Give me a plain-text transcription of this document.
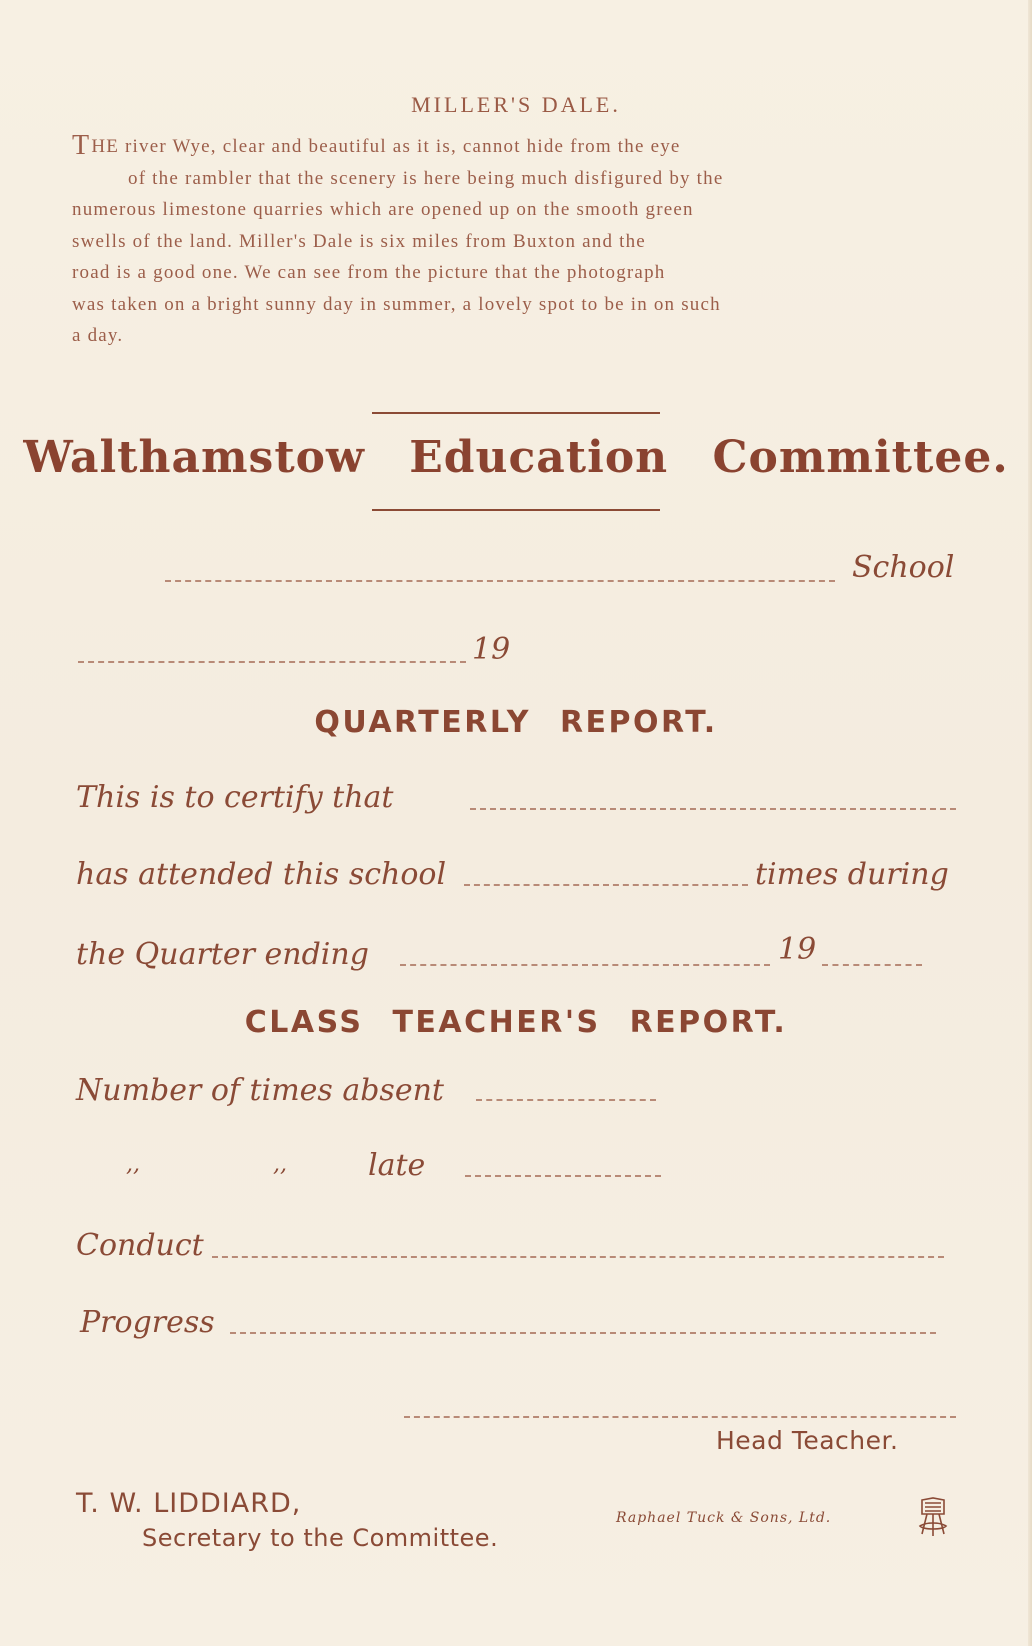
MILLER'S DALE.
THE river Wye, clear and beautiful as it is, cannot hide from the eye
of the rambler that the scenery is here being much disfigured by the
numerous limestone quarries which are opened up on the smooth green
swells of the land. Miller's Dale is six miles from Buxton and the
road is a good one. We can see from the picture that the photograph
was taken on a bright sunny day in summer, a lovely spot to be in on such
a day.
Walthamstow Education Committee.
School
19
QUARTERLY REPORT.
This is to certify that
has attended this school	times during
the Quarter ending	19
CLASS TEACHER'S REPORT.
Number of times absent
,,	,,	late
Conduct
Progress
Head Teacher.
T. W. LIDDIARD,
Secretary to the Committee.
Raphael Tuck & Sons, Ltd.
